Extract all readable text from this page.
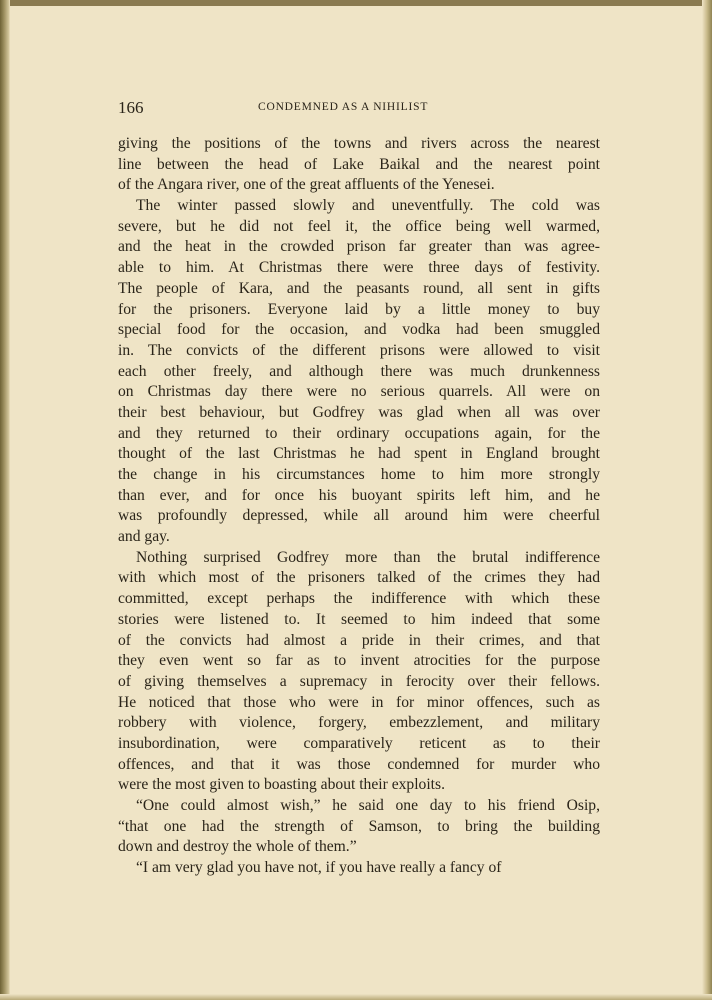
166	CONDEMNED AS A NIHILIST
giving the positions of the towns and rivers across the nearest
line between the head of Lake Baikal and the nearest point
of the Angara river, one of the great affluents of the Yenesei.
The winter passed slowly and uneventfully. The cold was
severe, but he did not feel it, the office being well warmed,
and the heat in the crowded prison far greater than was agree-
able to him. At Christmas there were three days of festivity.
The people of Kara, and the peasants round, all sent in gifts
for the prisoners. Everyone laid by a little money to buy
special food for the occasion, and vodka had been smuggled
in. The convicts of the different prisons were allowed to visit
each other freely, and although there was much drunkenness
on Christmas day there were no serious quarrels. All were on
their best behaviour, but Godfrey was glad when all was over
and they returned to their ordinary occupations again, for the
thought of the last Christmas he had spent in England brought
the change in his circumstances home to him more strongly
than ever, and for once his buoyant spirits left him, and he
was profoundly depressed, while all around him were cheerful
and gay.
Nothing surprised Godfrey more than the brutal indifference
with which most of the prisoners talked of the crimes they had
committed, except perhaps the indifference with which these
stories were listened to. It seemed to him indeed that some
of the convicts had almost a pride in their crimes, and that
they even went so far as to invent atrocities for the purpose
of giving themselves a supremacy in ferocity over their fellows.
He noticed that those who were in for minor offences, such as
robbery with violence, forgery, embezzlement, and military
insubordination, were comparatively reticent as to their
offences, and that it was those condemned for murder who
were the most given to boasting about their exploits.
“One could almost wish,” he said one day to his friend Osip,
“that one had the strength of Samson, to bring the building
down and destroy the whole of them.”
“I am very glad you have not, if you have really a fancy of
